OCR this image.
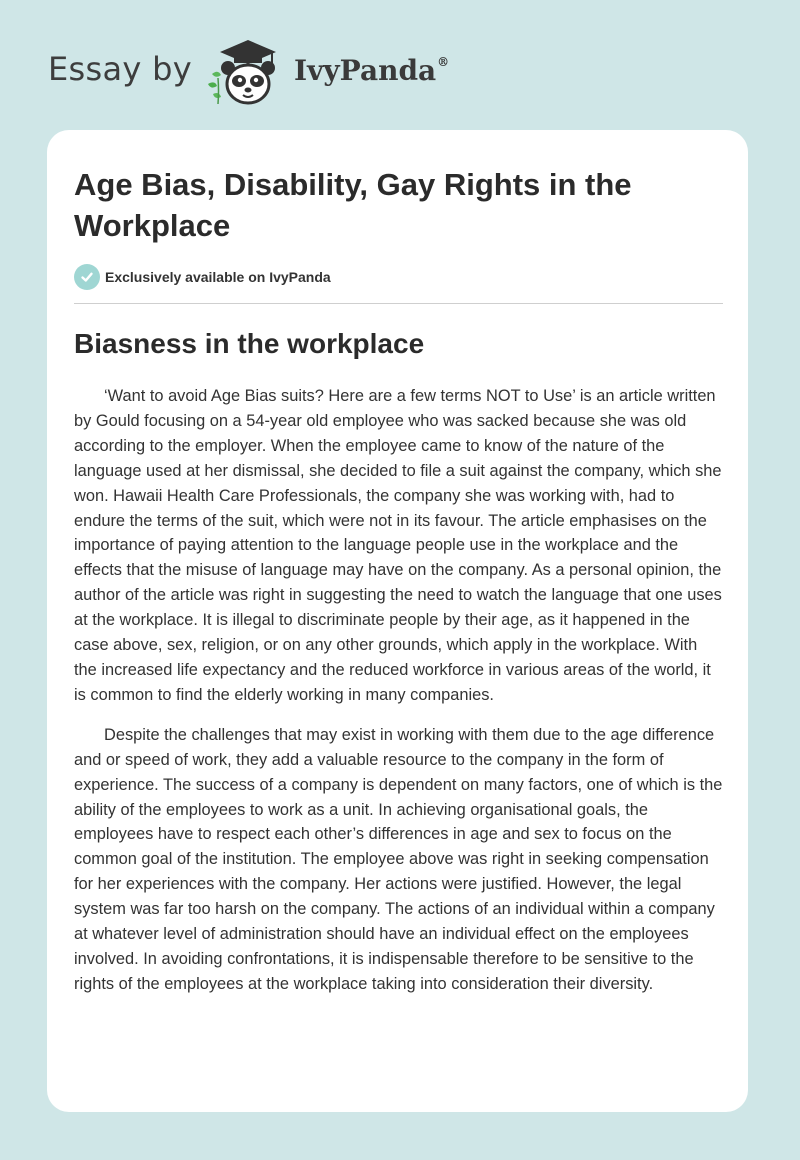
Essay by	IvyPanda®
Age Bias, Disability, Gay Rights in the Workplace
Exclusively available on IvyPanda
Biasness in the workplace

‘Want to avoid Age Bias suits? Here are a few terms NOT to Use’ is an article written by Gould focusing on a 54-year old employee who was sacked because she was old according to the employer. When the employee came to know of the nature of the language used at her dismissal, she decided to file a suit against the company, which she won. Hawaii Health Care Professionals, the company she was working with, had to endure the terms of the suit, which were not in its favour. The article emphasises on the importance of paying attention to the language people use in the workplace and the effects that the misuse of language may have on the company. As a personal opinion, the author of the article was right in suggesting the need to watch the language that one uses at the workplace. It is illegal to discriminate people by their age, as it happened in the case above, sex, religion, or on any other grounds, which apply in the workplace. With the increased life expectancy and the reduced workforce in various areas of the world, it is common to find the elderly working in many companies.

Despite the challenges that may exist in working with them due to the age difference and or speed of work, they add a valuable resource to the company in the form of experience. The success of a company is dependent on many factors, one of which is the ability of the employees to work as a unit. In achieving organisational goals, the employees have to respect each other’s differences in age and sex to focus on the common goal of the institution. The employee above was right in seeking compensation for her experiences with the company. Her actions were justified. However, the legal system was far too harsh on the company. The actions of an individual within a company at whatever level of administration should have an individual effect on the employees involved. In avoiding confrontations, it is indispensable therefore to be sensitive to the rights of the employees at the workplace taking into consideration their diversity.
